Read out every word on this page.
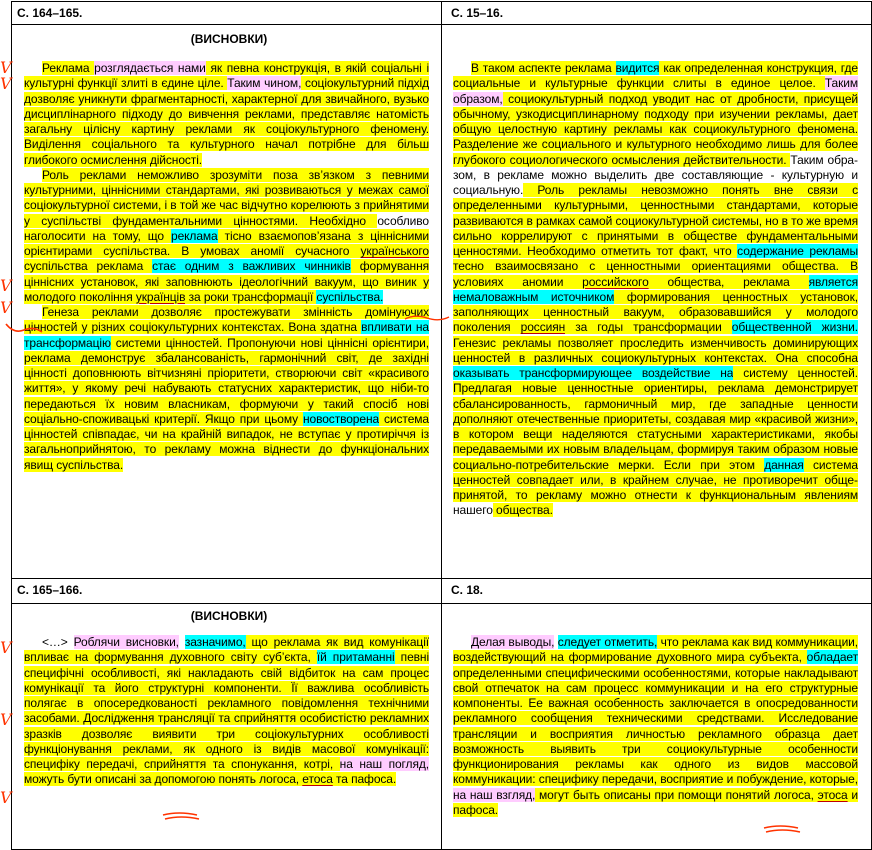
С. 164–165.	С. 15–16.
С. 165–166.	С. 18.
(ВИСНОВКИ)
(ВИСНОВКИ)

Реклама розглядається нами як певна конструкція, в якій соціальні і культурні функції злиті в єдине ціле. Таким чином, соціокультурний підхід дозволяє уникнути фрагментарності, характерної для звичайного, вузько дисциплінарного підходу до вивчення реклами, представляє натомість загальну цілісну картину реклами як соціокультурного феномену. Виділення соціального та культурного начал потрібне для більш глибокого осмислення дійсності.

Роль реклами неможливо зрозуміти поза зв’язком з певними культурними, ціннісними стандартами, які розвиваються у межах самої соціокультурної системи, і в той же час відчутно корелюють з прийнятими у суспільстві фундаментальними цінностями. Необхідно особливо наголосити на тому, що реклама тісно взаємопов’язана з ціннісними орієнтирами суспільства. В умовах аномії сучасного українського суспільства реклама стає одним з важливих чинників формування ціннісних установок, які заповнюють ідеологічний вакуум, що виник у молодого покоління українців за роки трансформації суспільства.

Генеза реклами дозволяє простежувати змінність домінуючих цінностей у різних соціокультурних контекстах. Вона здатна впливати на трансформацію системи цінностей. Пропонуючи нові ціннісні орієнтири, реклама демонструє збалансованість, гармонічний світ, де західні цінності доповнюють вітчизняні пріоритети, створюючи світ «красивого життя», у якому речі набувають статусних характеристик, що ніби-то передаються їх новим власникам, формуючи у такий спосіб нові соціально-споживацькі критерії. Якщо при цьому новостворена система цінностей співпадає, чи на крайній випадок, не вступає у протиріччя із загальноприйнятою, то рекламу можна віднести до функціональних явищ суспільства.

В таком аспекте реклама видится как определенная конструкция, где социальные и культурные функции слиты в единое целое. Таким образом, социокультурный подход уводит нас от дробности, присущей обычному, узкодисциплинарному подходу при изучении рекламы, дает общую целостную картину рекламы как социокультурного феномена. Разделение же социального и культурного необходимо лишь для более глубокого социологического осмысления действительности. Таким образом, в рекламе можно выделить две составляющие - культурную и социальную. Роль рекламы невозможно понять вне связи с определенными культурными, ценностными стандартами, которые развиваются в рамках самой социокультурной системы, но в то же время сильно коррелируют с принятыми в обществе фундаментальными ценностями. Необходимо отметить тот факт, что содержание рекламы тесно взаимосвязано с ценностными ориентациями общества. В условиях аномии российского общества, реклама является немаловажным источником формирования ценностных установок, заполняющих ценностный вакуум, образовавшийся у молодого поколения россиян за годы трансформации общественной жизни. Генезис рекламы позволяет проследить изменчивость доминирующих ценностей в различных социокультурных контекстах. Она способна оказывать трансформирующее воздействие на систему ценностей. Предлагая новые ценностные ориентиры, реклама демонстрирует сбалансированность, гармоничный мир, где западные ценности дополняют отечественные приоритеты, создавая мир «красивой жизни», в котором вещи наделяются статусными характеристиками, якобы передаваемыми их новым владельцам, формируя таким образом новые социально-потребительские мерки. Если при этом данная система ценностей совпадает или, в крайнем случае, не противоречит общепринятой, то рекламу можно отнести к функциональным явлениям нашего общества.

<…> Роблячи висновки, зазначимо, що реклама як вид комунікації впливає на формування духовного світу суб’єкта, їй притаманні певні специфічні особливості, які накладають свій відбиток на сам процес комунікації та його структурні компоненти. Її важлива особливість полягає в опосередкованості рекламного повідомлення технічними засобами. Дослідження трансляції та сприйняття особистістю рекламних зразків дозволяє виявити три соціокультурних особливості функціонування реклами, як одного із видів масової комунікації: специфіку передачі, сприйняття та спонукання, котрі, на наш погляд, можуть бути описані за допомогою понять логоса, етоса та пафоса.

Делая выводы, следует отметить, что реклама как вид коммуникации, воздействующий на формирование духовного мира субъекта, обладает определенными специфическими особенностями, которые накладывают свой отпечаток на сам процесс коммуникации и на его структурные компоненты. Ее важная особенность заключается в опосредованности рекламного сообщения техническими средствами. Исследование трансляции и восприятия личностью рекламного образца дает возможность выявить три социокультурные особенности функционирования рекламы как одного из видов массовой коммуникации: специфику передачи, восприятие и побуждение, которые, на наш взгляд, могут быть описаны при помощи понятий логоса, этоса и пафоса.

V
V
V
V
V
V
V
